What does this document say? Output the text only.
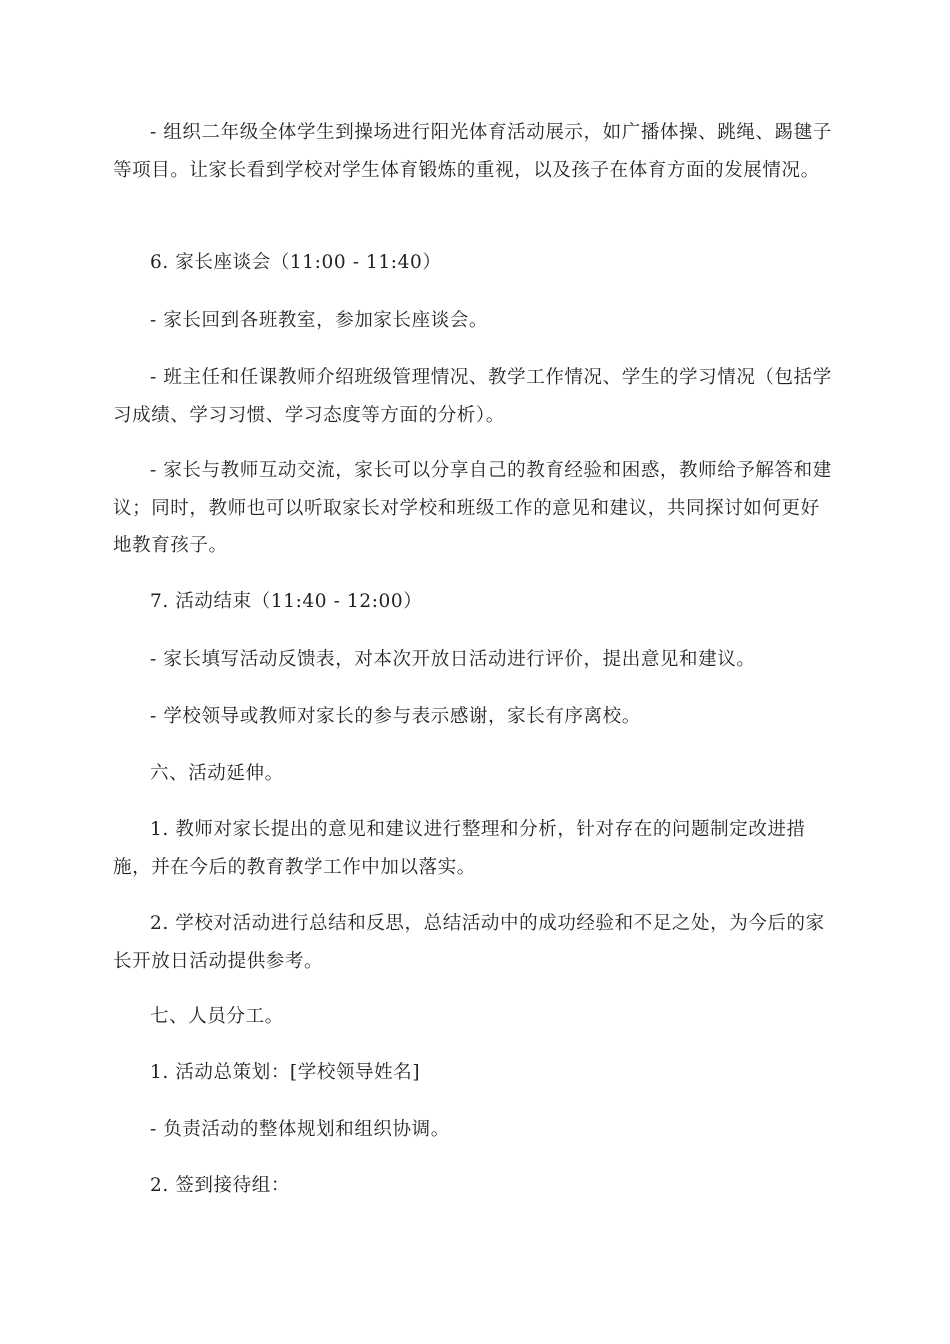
- 组织二年级全体学生到操场进行阳光体育活动展示，如广播体操、跳绳、踢毽子等项目。让家长看到学校对学生体育锻炼的重视，以及孩子在体育方面的发展情况。

6. 家长座谈会（11:00 - 11:40）

- 家长回到各班教室，参加家长座谈会。

- 班主任和任课教师介绍班级管理情况、教学工作情况、学生的学习情况（包括学习成绩、学习习惯、学习态度等方面的分析）。

- 家长与教师互动交流，家长可以分享自己的教育经验和困惑，教师给予解答和建议；同时，教师也可以听取家长对学校和班级工作的意见和建议，共同探讨如何更好地教育孩子。

7. 活动结束（11:40 - 12:00）

- 家长填写活动反馈表，对本次开放日活动进行评价，提出意见和建议。

- 学校领导或教师对家长的参与表示感谢，家长有序离校。

六、活动延伸。

1. 教师对家长提出的意见和建议进行整理和分析，针对存在的问题制定改进措施，并在今后的教育教学工作中加以落实。

2. 学校对活动进行总结和反思，总结活动中的成功经验和不足之处，为今后的家长开放日活动提供参考。

七、人员分工。

1. 活动总策划：[学校领导姓名]

- 负责活动的整体规划和组织协调。

2. 签到接待组：
